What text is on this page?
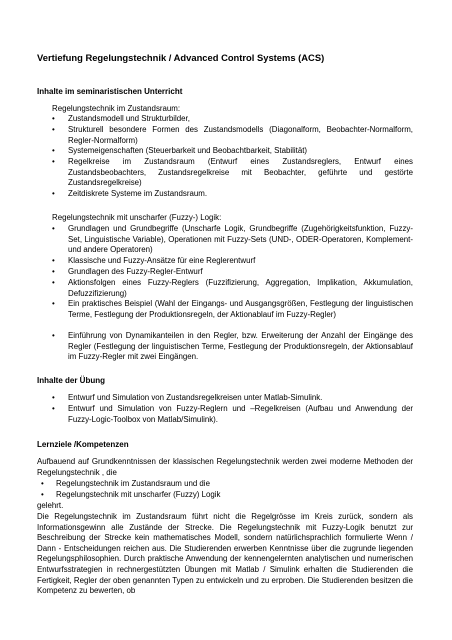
Vertiefung Regelungstechnik / Advanced Control Systems (ACS)
Inhalte im seminaristischen Unterricht
Regelungstechnik im Zustandsraum:
• Zustandsmodell und Strukturbilder,
• Strukturell besondere Formen des Zustandsmodells (Diagonalform, Beobachter-Normalform, Regler-Normalform)
• Systemeigenschaften (Steuerbarkeit und Beobachtbarkeit, Stabilität)
• Regelkreise im Zustandsraum (Entwurf eines Zustandsreglers, Entwurf eines Zustandsbeobachters, Zustandsregelkreise mit Beobachter, geführte und gestörte Zustandsregelkreise)
• Zeitdiskrete Systeme im Zustandsraum.
Regelungstechnik mit unscharfer (Fuzzy-) Logik:
• Grundlagen und Grundbegriffe (Unscharfe Logik, Grundbegriffe (Zugehörigkeitsfunktion, Fuzzy-Set, Linguistische Variable), Operationen mit Fuzzy-Sets (UND-, ODER-Operatoren, Komplement- und andere Operatoren)
• Klassische und Fuzzy-Ansätze für eine Reglerentwurf
• Grundlagen des Fuzzy-Regler-Entwurf
• Aktionsfolgen eines Fuzzy-Reglers (Fuzzifizierung, Aggregation, Implikation, Akkumulation, Defuzzifizierung)
• Ein praktisches Beispiel (Wahl der Eingangs- und Ausgangsgrößen, Festlegung der linguistischen Terme, Festlegung der Produktionsregeln, der Aktionablauf im Fuzzy-Regler)
• Einführung von Dynamikanteilen in den Regler, bzw. Erweiterung der Anzahl der Eingänge des Regler (Festlegung der linguistischen Terme, Festlegung der Produktionsregeln, der Aktionsablauf im Fuzzy-Regler mit zwei Eingängen.
Inhalte der Übung
• Entwurf und Simulation von Zustandsregelkreisen unter Matlab-Simulink.
• Entwurf und Simulation von Fuzzy-Reglern und –Regelkreisen (Aufbau und Anwendung der Fuzzy-Logic-Toolbox von Matlab/Simulink).
Lernziele /Kompetenzen
Aufbauend auf Grundkenntnissen der klassischen Regelungstechnik werden zwei moderne Methoden der Regelungstechnik , die
• Regelungstechnik im Zustandsraum und die
• Regelungstechnik mit unscharfer (Fuzzy) Logik
gelehrt.
Die Regelungstechnik im Zustandsraum führt nicht die Regelgrösse im Kreis zurück, sondern als Informationsgewinn alle Zustände der Strecke. Die Regelungstechnik mit Fuzzy-Logik benutzt zur Beschreibung der Strecke kein mathematisches Modell, sondern natürlichsprachlich formulierte Wenn / Dann - Entscheidungen reichen aus. Die Studierenden erwerben Kenntnisse über die zugrunde liegenden Regelungsphilosophien. Durch praktische Anwendung der kennengelernten analytischen und numerischen Entwurfsstrategien in rechnergestützten Übungen mit Matlab / Simulink erhalten die Studierenden die Fertigkeit, Regler der oben genannten Typen zu entwickeln und zu erproben. Die Studierenden besitzen die Kompetenz zu bewerten, ob
